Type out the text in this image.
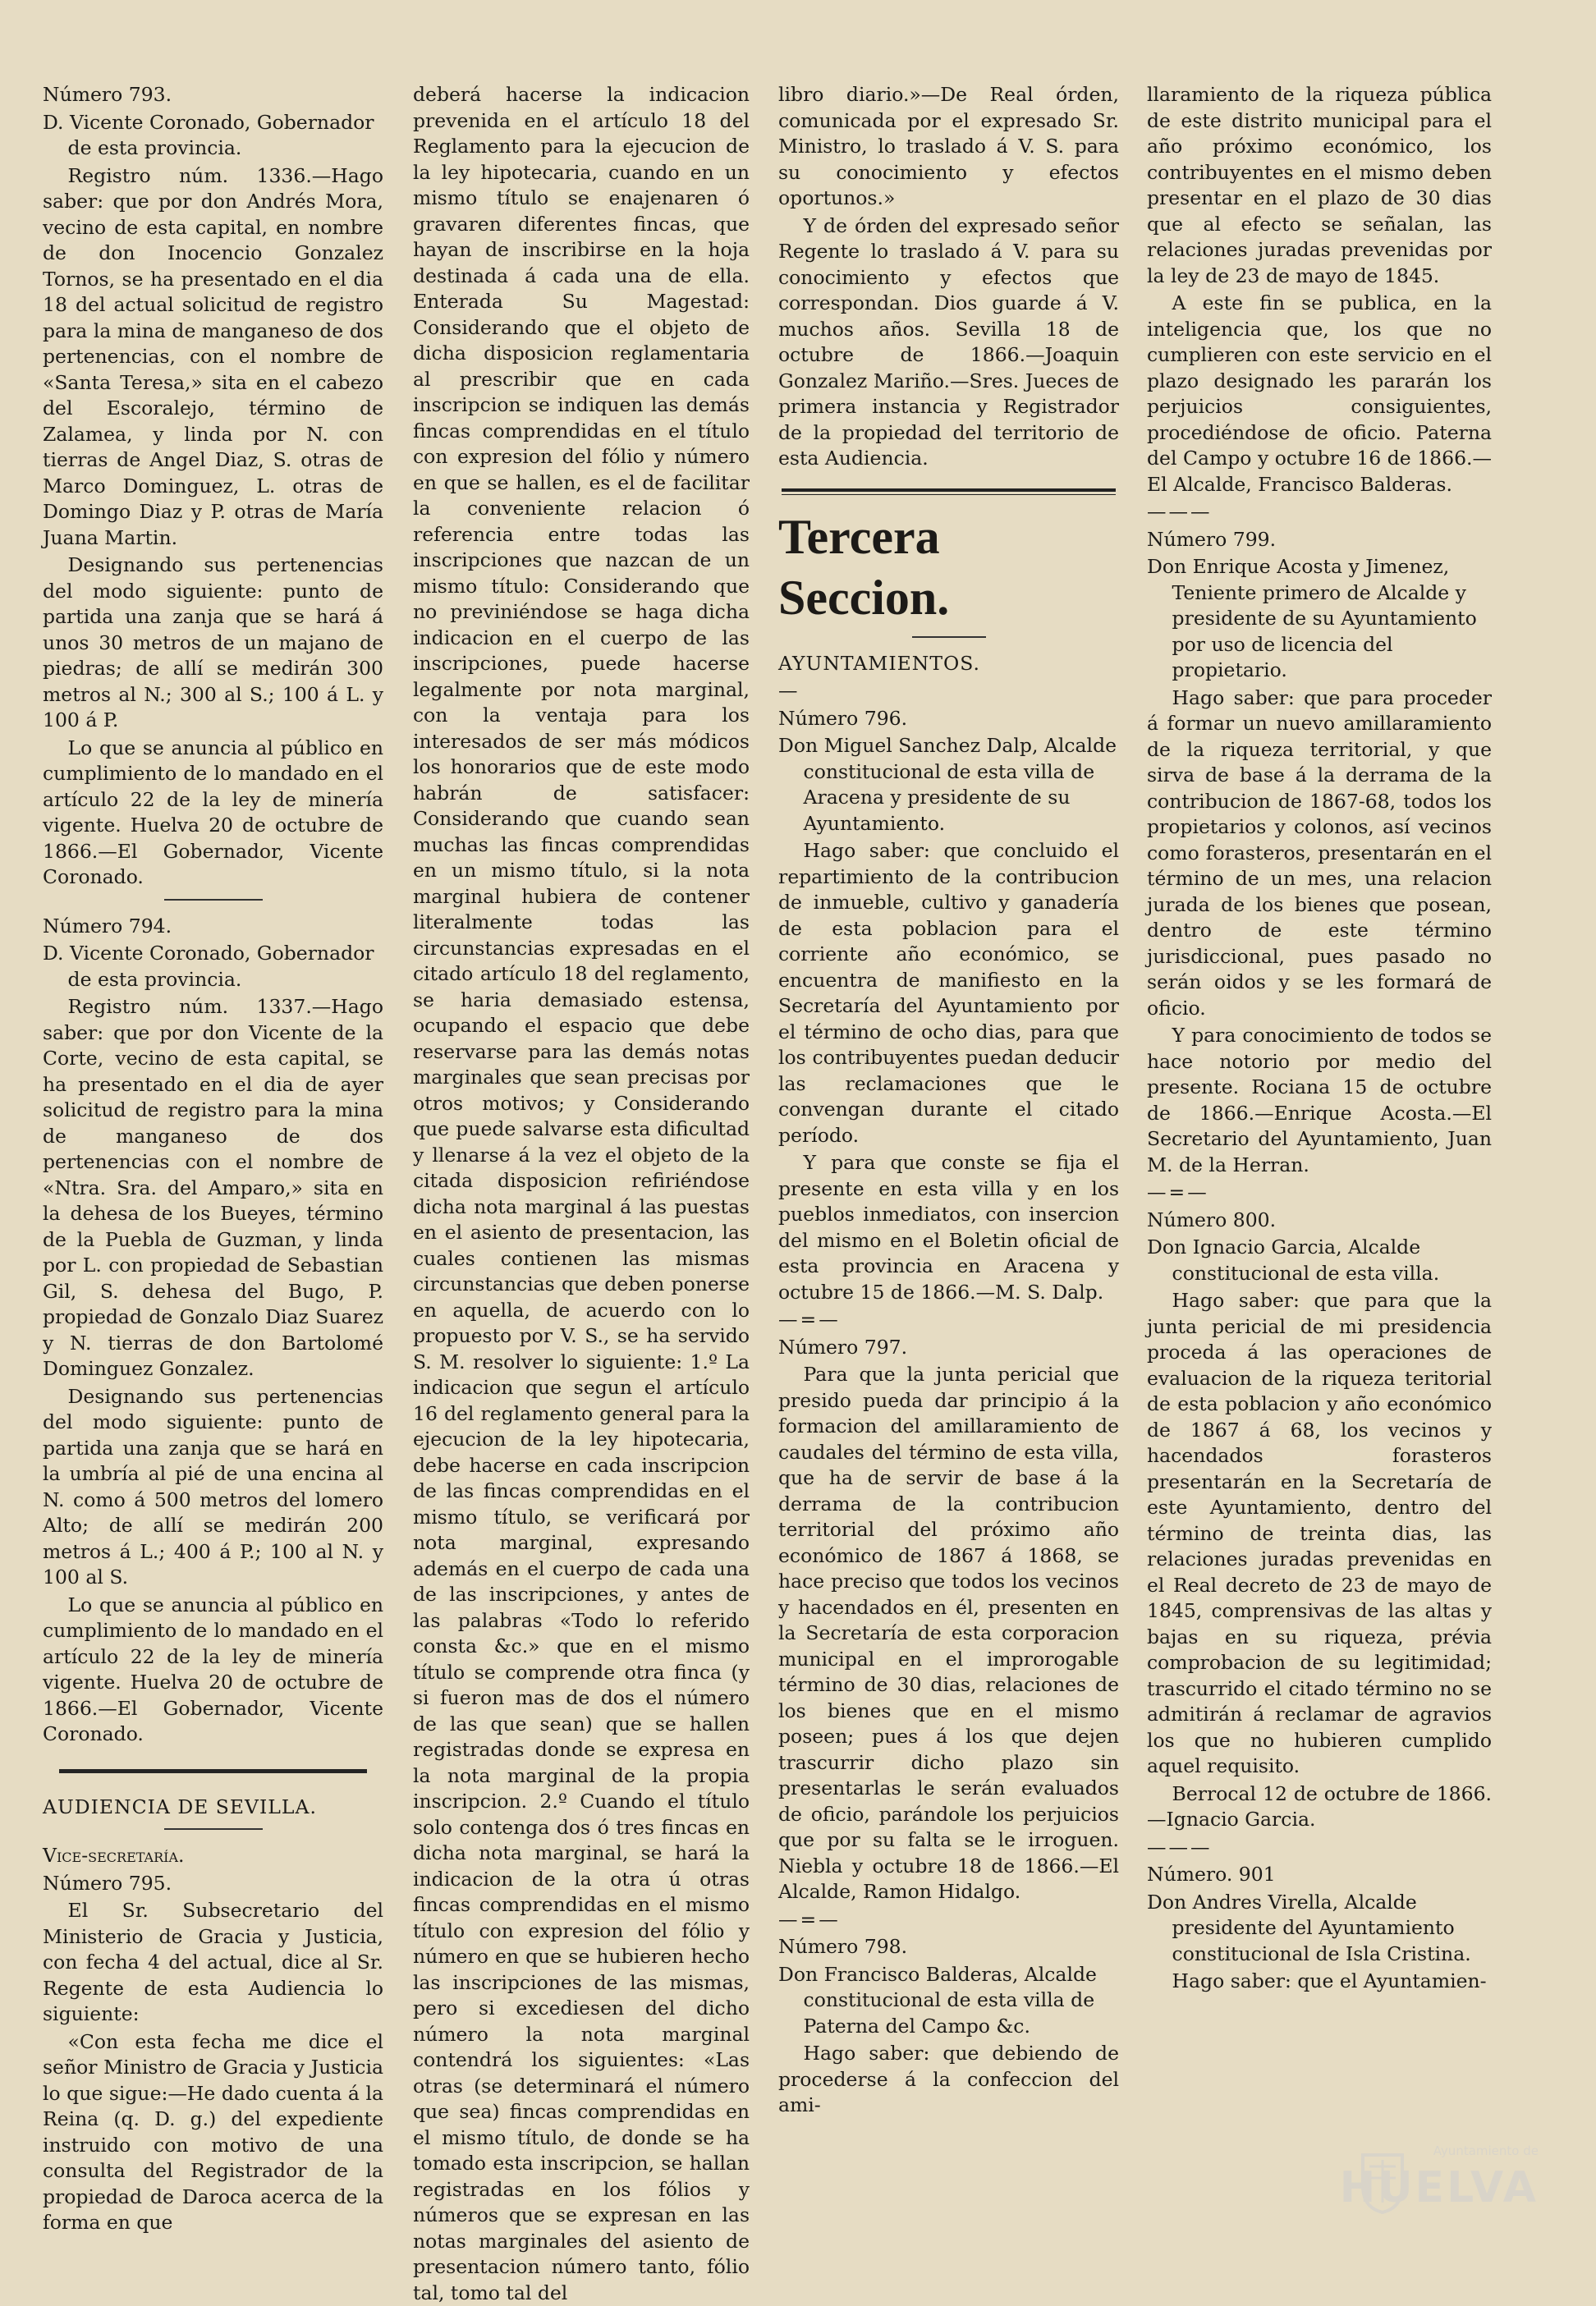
Número 793.

D. Vicente Coronado, Gobernador de esta provincia.

Registro núm. 1336.—Hago saber: que por don Andrés Mora, vecino de esta capital, en nombre de don Inocencio Gonzalez Tornos, se ha presentado en el dia 18 del actual solicitud de registro para la mina de manganeso de dos pertenencias, con el nombre de «Santa Teresa,» sita en el cabezo del Escoralejo, término de Zalamea, y linda por N. con tierras de Angel Diaz, S. otras de Marco Dominguez, L. otras de Domingo Diaz y P. otras de María Juana Martin.

Designando sus pertenencias del modo siguiente: punto de partida una zanja que se hará á unos 30 metros de un majano de piedras; de allí se medirán 300 metros al N.; 300 al S.; 100 á L. y 100 á P.

Lo que se anuncia al público en cumplimiento de lo mandado en el artículo 22 de la ley de minería vigente. Huelva 20 de octubre de 1866.—El Gobernador, Vicente Coronado.

Número 794.

D. Vicente Coronado, Gobernador de esta provincia.

Registro núm. 1337.—Hago saber: que por don Vicente de la Corte, vecino de esta capital, se ha presentado en el dia de ayer solicitud de registro para la mina de manganeso de dos pertenencias con el nombre de «Ntra. Sra. del Amparo,» sita en la dehesa de los Bueyes, término de la Puebla de Guzman, y linda por L. con propiedad de Sebastian Gil, S. dehesa del Bugo, P. propiedad de Gonzalo Diaz Suarez y N. tierras de don Bartolomé Dominguez Gonzalez.

Designando sus pertenencias del modo siguiente: punto de partida una zanja que se hará en la umbría al pié de una encina al N. como á 500 metros del lomero Alto; de allí se medirán 200 metros á L.; 400 á P.; 100 al N. y 100 al S.

Lo que se anuncia al público en cumplimiento de lo mandado en el artículo 22 de la ley de minería vigente. Huelva 20 de octubre de 1866.—El Gobernador, Vicente Coronado.

AUDIENCIA DE SEVILLA.

Vice-secretaría.

Número 795.

El Sr. Subsecretario del Ministerio de Gracia y Justicia, con fecha 4 del actual, dice al Sr. Regente de esta Audiencia lo siguiente:

«Con esta fecha me dice el señor Ministro de Gracia y Justicia lo que sigue:—He dado cuenta á la Reina (q. D. g.) del expediente instruido con motivo de una consulta del Registrador de la propiedad de Daroca acerca de la forma en que

deberá hacerse la indicacion prevenida en el artículo 18 del Reglamento para la ejecucion de la ley hipotecaria, cuando en un mismo título se enajenaren ó gravaren diferentes fincas, que hayan de inscribirse en la hoja destinada á cada una de ella. Enterada Su Magestad: Considerando que el objeto de dicha disposicion reglamentaria al prescribir que en cada inscripcion se indiquen las demás fincas comprendidas en el título con expresion del fólio y número en que se hallen, es el de facilitar la conveniente relacion ó referencia entre todas las inscripciones que nazcan de un mismo título: Considerando que no previniéndose se haga dicha indicacion en el cuerpo de las inscripciones, puede hacerse legalmente por nota marginal, con la ventaja para los interesados de ser más módicos los honorarios que de este modo habrán de satisfacer: Considerando que cuando sean muchas las fincas comprendidas en un mismo título, si la nota marginal hubiera de contener literalmente todas las circunstancias expresadas en el citado artículo 18 del reglamento, se haria demasiado estensa, ocupando el espacio que debe reservarse para las demás notas marginales que sean precisas por otros motivos; y Considerando que puede salvarse esta dificultad y llenarse á la vez el objeto de la citada disposicion refiriéndose dicha nota marginal á las puestas en el asiento de presentacion, las cuales contienen las mismas circunstancias que deben ponerse en aquella, de acuerdo con lo propuesto por V. S., se ha servido S. M. resolver lo siguiente: 1.º La indicacion que segun el artículo 16 del reglamento general para la ejecucion de la ley hipotecaria, debe hacerse en cada inscripcion de las fincas comprendidas en el mismo título, se verificará por nota marginal, expresando además en el cuerpo de cada una de las inscripciones, y antes de las palabras «Todo lo referido consta &c.» que en el mismo título se comprende otra finca (y si fueron mas de dos el número de las que sean) que se hallen registradas donde se expresa en la nota marginal de la propia inscripcion. 2.º Cuando el título solo contenga dos ó tres fincas en dicha nota marginal, se hará la indicacion de la otra ú otras fincas comprendidas en el mismo título con expresion del fólio y número en que se hubieren hecho las inscripciones de las mismas, pero si excediesen del dicho número la nota marginal contendrá los siguientes: «Las otras (se determinará el número que sea) fincas comprendidas en el mismo título, de donde se ha tomado esta inscripcion, se hallan registradas en los fólios y números que se expresan en las notas marginales del asiento de presentacion número tanto, fólio tal, tomo tal del

libro diario.»—De Real órden, comunicada por el expresado Sr. Ministro, lo traslado á V. S. para su conocimiento y efectos oportunos.»

Y de órden del expresado señor Regente lo traslado á V. para su conocimiento y efectos que correspondan. Dios guarde á V. muchos años. Sevilla 18 de octubre de 1866.—Joaquin Gonzalez Mariño.—Sres. Jueces de primera instancia y Registrador de la propiedad del territorio de esta Audiencia.

Tercera Seccion.

AYUNTAMIENTOS.

—

Número 796.

Don Miguel Sanchez Dalp, Alcalde constitucional de esta villa de Aracena y presidente de su Ayuntamiento.

Hago saber: que concluido el repartimiento de la contribucion de inmueble, cultivo y ganadería de esta poblacion para el corriente año económico, se encuentra de manifiesto en la Secretaría del Ayuntamiento por el término de ocho dias, para que los contribuyentes puedan deducir las reclamaciones que le convengan durante el citado período.

Y para que conste se fija el presente en esta villa y en los pueblos inmediatos, con insercion del mismo en el Boletin oficial de esta provincia en Aracena y octubre 15 de 1866.—M. S. Dalp.

—=—

Número 797.

Para que la junta pericial que presido pueda dar principio á la formacion del amillaramiento de caudales del término de esta villa, que ha de servir de base á la derrama de la contribucion territorial del próximo año económico de 1867 á 1868, se hace preciso que todos los vecinos y hacendados en él, presenten en la Secretaría de esta corporacion municipal en el improrogable término de 30 dias, relaciones de los bienes que en el mismo poseen; pues á los que dejen trascurrir dicho plazo sin presentarlas le serán evaluados de oficio, parándole los perjuicios que por su falta se le irroguen. Niebla y octubre 18 de 1866.—El Alcalde, Ramon Hidalgo.

—=—

Número 798.

Don Francisco Balderas, Alcalde constitucional de esta villa de Paterna del Campo &c.

Hago saber: que debiendo de procederse á la confeccion del ami-

llaramiento de la riqueza pública de este distrito municipal para el año próximo económico, los contribuyentes en el mismo deben presentar en el plazo de 30 dias que al efecto se señalan, las relaciones juradas prevenidas por la ley de 23 de mayo de 1845.

A este fin se publica, en la inteligencia que, los que no cumplieren con este servicio en el plazo designado les pararán los perjuicios consiguientes, procediéndose de oficio. Paterna del Campo y octubre 16 de 1866.—El Alcalde, Francisco Balderas.

———

Número 799.

Don Enrique Acosta y Jimenez, Teniente primero de Alcalde y presidente de su Ayuntamiento por uso de licencia del propietario.

Hago saber: que para proceder á formar un nuevo amillaramiento de la riqueza territorial, y que sirva de base á la derrama de la contribucion de 1867-68, todos los propietarios y colonos, así vecinos como forasteros, presentarán en el término de un mes, una relacion jurada de los bienes que posean, dentro de este término jurisdiccional, pues pasado no serán oidos y se les formará de oficio.

Y para conocimiento de todos se hace notorio por medio del presente. Rociana 15 de octubre de 1866.—Enrique Acosta.—El Secretario del Ayuntamiento, Juan M. de la Herran.

—=—

Número 800.

Don Ignacio Garcia, Alcalde constitucional de esta villa.

Hago saber: que para que la junta pericial de mi presidencia proceda á las operaciones de evaluacion de la riqueza teritorial de esta poblacion y año económico de 1867 á 68, los vecinos y hacendados forasteros presentarán en la Secretaría de este Ayuntamiento, dentro del término de treinta dias, las relaciones juradas prevenidas en el Real decreto de 23 de mayo de 1845, comprensivas de las altas y bajas en su riqueza, prévia comprobacion de su legitimidad; trascurrido el citado término no se admitirán á reclamar de agravios los que no hubieren cumplido aquel requisito.

Berrocal 12 de octubre de 1866.—Ignacio Garcia.

———

Número. 901

Don Andres Virella, Alcalde presidente del Ayuntamiento constitucional de Isla Cristina.

Hago saber: que el Ayuntamien-

Ayuntamiento de
HUELVA
